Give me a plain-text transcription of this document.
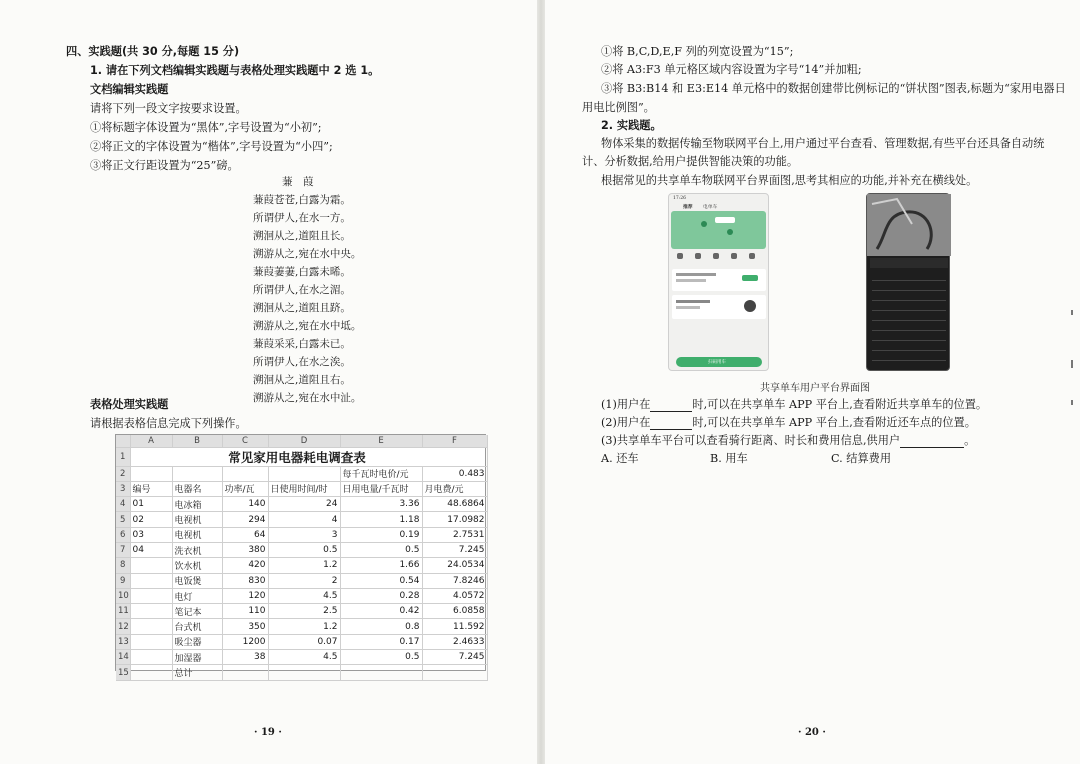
四、实践题(共 30 分,每题 15 分)
1. 请在下列文档编辑实践题与表格处理实践题中 2 选 1。
文档编辑实践题
请将下列一段文字按要求设置。
①将标题字体设置为“黑体”,字号设置为“小初”;
②将正文的字体设置为“楷体”,字号设置为“小四”;
③将正文行距设置为“25”磅。
蒹　葭
蒹葭苍苍,白露为霜。
所谓伊人,在水一方。
溯洄从之,道阻且长。
溯游从之,宛在水中央。
蒹葭萋萋,白露未晞。
所谓伊人,在水之湄。
溯洄从之,道阻且跻。
溯游从之,宛在水中坻。
蒹葭采采,白露未已。
所谓伊人,在水之涘。
溯洄从之,道阻且右。
溯游从之,宛在水中沚。
表格处理实践题
请根据表格信息完成下列操作。
· 19 ·
	A	B	C	D	E	F
1		常见家用电器耗电调查表				
2					每千瓦时电价/元	0.483
3	编号	电器名	功率/瓦	日使用时间/时	日用电量/千瓦时	月电费/元
4	01	电冰箱	140	24	3.36	48.6864
5	02	电视机	294	4	1.18	17.0982
6	03	电视机	64	3	0.19	2.7531
7	04	洗衣机	380	0.5	0.5	7.245
8		饮水机	420	1.2	1.66	24.0534
9		电饭煲	830	2	0.54	7.8246
10		电灯	120	4.5	0.28	4.0572
11		笔记本	110	2.5	0.42	6.0858
12		台式机	350	1.2	0.8	11.592
13		吸尘器	1200	0.07	0.17	2.4633
14		加湿器	38	4.5	0.5	7.245
15		总计				
①将 B,C,D,E,F 列的列宽设置为“15”;
②将 A3:F3 单元格区域内容设置为字号“14”并加粗;
③将 B3:B14 和 E3:E14 单元格中的数据创建带比例标记的“饼状图”图表,标题为“家用电器日
用电比例图”。
2. 实践题。
物体采集的数据传输至物联网平台上,用户通过平台查看、管理数据,有些平台还具备自动统
计、分析数据,给用户提供智能决策的功能。
根据常见的共享单车物联网平台界面图,思考其相应的功能,并补充在横线处。
17:26
推荐 电单车
扫码用车
共享单车用户平台界面图
(1)用户在	时,可以在共享单车 APP 平台上,查看附近共享单车的位置。
(2)用户在	时,可以在共享单车 APP 平台上,查看附近还车点的位置。
(3)共享单车平台可以查看骑行距离、时长和费用信息,供用户	。
A. 还车	B. 用车	C. 结算费用
· 20 ·
